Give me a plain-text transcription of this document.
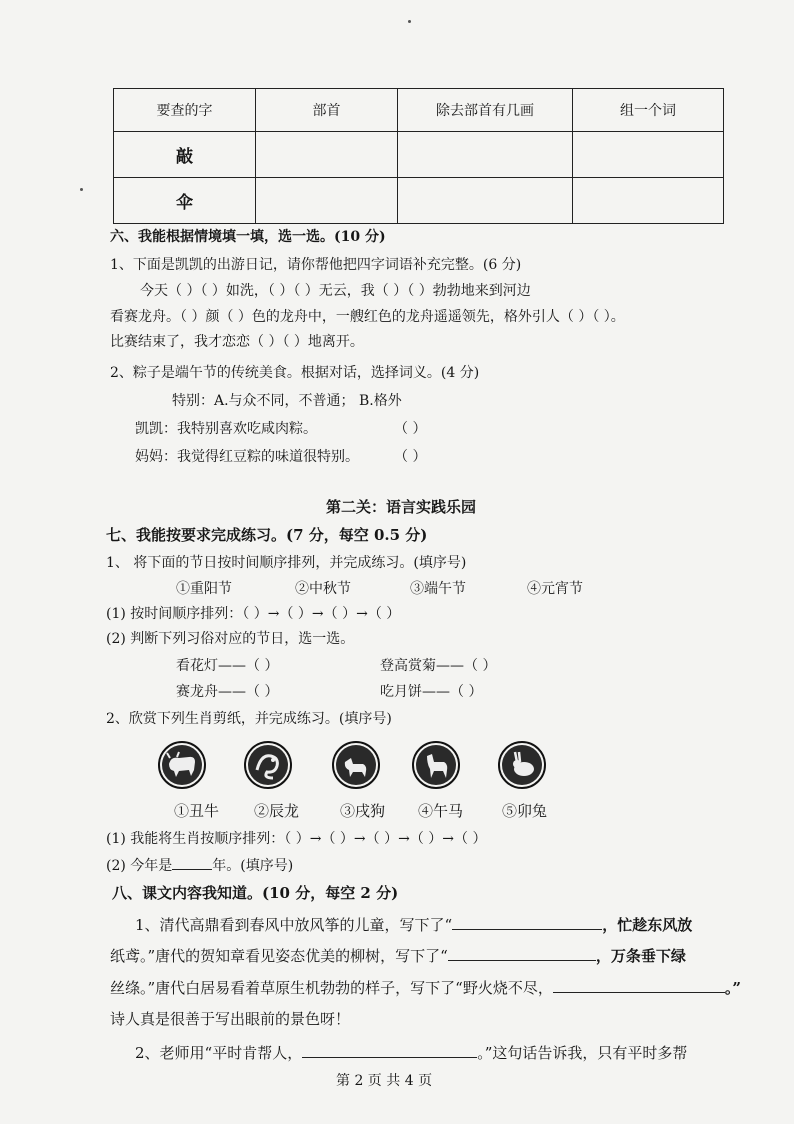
要查的字	部首	除去部首有几画	组一个词
敲			
伞			
六、我能根据情境填一填，选一选。(10 分)
1、下面是凯凯的出游日记，请你帮他把四字词语补充完整。(6 分)
今天（ ）（ ）如洗，（ ）（ ）无云，我（ ）（ ）勃勃地来到河边
看赛龙舟。（ ）颜（ ）色的龙舟中，一艘红色的龙舟遥遥领先，格外引人（ ）（ ）。
比赛结束了，我才恋恋（ ）（ ）地离开。
2、粽子是端午节的传统美食。根据对话，选择词义。(4 分)
特别：A.与众不同，不普通； B.格外
凯凯：我特别喜欢吃咸肉粽。	（ ）
妈妈：我觉得红豆粽的味道很特别。	（ ）
第二关：语言实践乐园
七、我能按要求完成练习。(7 分，每空 0.5 分)
1、 将下面的节日按时间顺序排列，并完成练习。(填序号)
①重阳节	②中秋节	③端午节	④元宵节
(1) 按时间顺序排列：（ ）→（ ）→（ ）→（ ）
(2) 判断下列习俗对应的节日，选一选。
看花灯——（ ）	登高赏菊——（ ）
赛龙舟——（ ）	吃月饼——（ ）
2、欣赏下列生肖剪纸，并完成练习。(填序号)
①丑牛 ②辰龙	③戌狗 ④午马	⑤卯兔
(1) 我能将生肖按顺序排列：（ ）→（ ）→（ ）→（ ）→（ ）
(2) 今年是	年。(填序号)
八、课文内容我知道。(10 分，每空 2 分)
1、清代高鼎看到春风中放风筝的儿童，写下了“	，忙趁东风放
纸鸢。”唐代的贺知章看见姿态优美的柳树，写下了“	，万条垂下绿
丝绦。”唐代白居易看着草原生机勃勃的样子，写下了“野火烧不尽，	。”
诗人真是很善于写出眼前的景色呀！
2、老师用“平时肯帮人，	。”这句话告诉我，只有平时多帮
第 2 页 共 4 页
